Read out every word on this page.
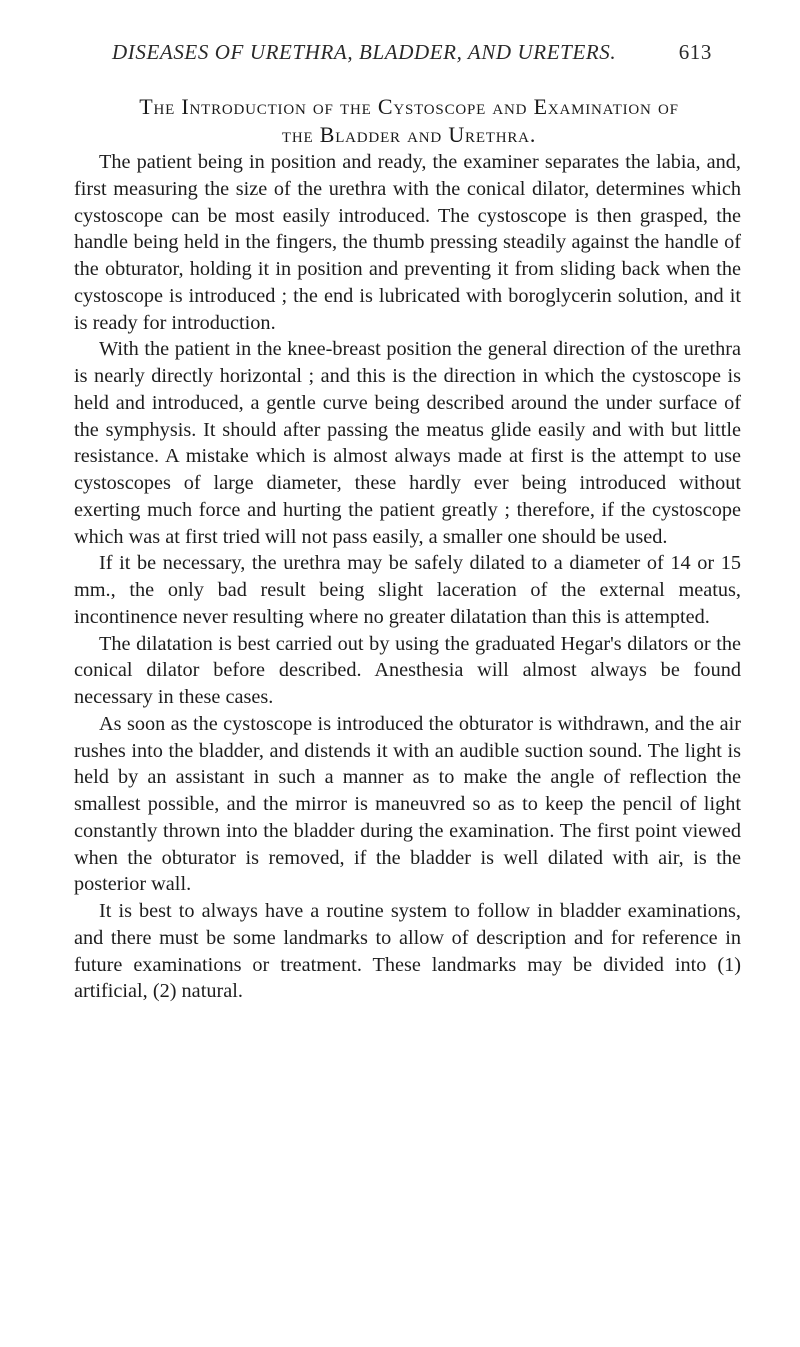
DISEASES OF URETHRA, BLADDER, AND URETERS.	613
The Introduction of the Cystoscope and Examination of
the Bladder and Urethra.

The patient being in position and ready, the examiner separates the labia, and, first measuring the size of the urethra with the conical dilator, determines which cystoscope can be most easily introduced. The cystoscope is then grasped, the handle being held in the fingers, the thumb pressing steadily against the handle of the obturator, holding it in position and preventing it from sliding back when the cystoscope is introduced ; the end is lubricated with boroglycerin solution, and it is ready for introduction.

With the patient in the knee-breast position the general direction of the urethra is nearly directly horizontal ; and this is the direction in which the cystoscope is held and introduced, a gentle curve being described around the under surface of the symphysis. It should after passing the meatus glide easily and with but little resistance. A mistake which is almost always made at first is the attempt to use cystoscopes of large diameter, these hardly ever being introduced without exerting much force and hurting the patient greatly ; therefore, if the cystoscope which was at first tried will not pass easily, a smaller one should be used.

If it be necessary, the urethra may be safely dilated to a diameter of 14 or 15 mm., the only bad result being slight laceration of the external meatus, incontinence never resulting where no greater dilatation than this is attempted.

The dilatation is best carried out by using the graduated Hegar's dilators or the conical dilator before described. Anesthesia will almost always be found necessary in these cases.

As soon as the cystoscope is introduced the obturator is withdrawn, and the air rushes into the bladder, and distends it with an audible suction sound. The light is held by an assistant in such a manner as to make the angle of reflection the smallest possible, and the mirror is maneuvred so as to keep the pencil of light constantly thrown into the bladder during the examination. The first point viewed when the obturator is removed, if the bladder is well dilated with air, is the posterior wall.

It is best to always have a routine system to follow in bladder examinations, and there must be some landmarks to allow of description and for reference in future examinations or treatment. These landmarks may be divided into (1) artificial, (2) natural.
